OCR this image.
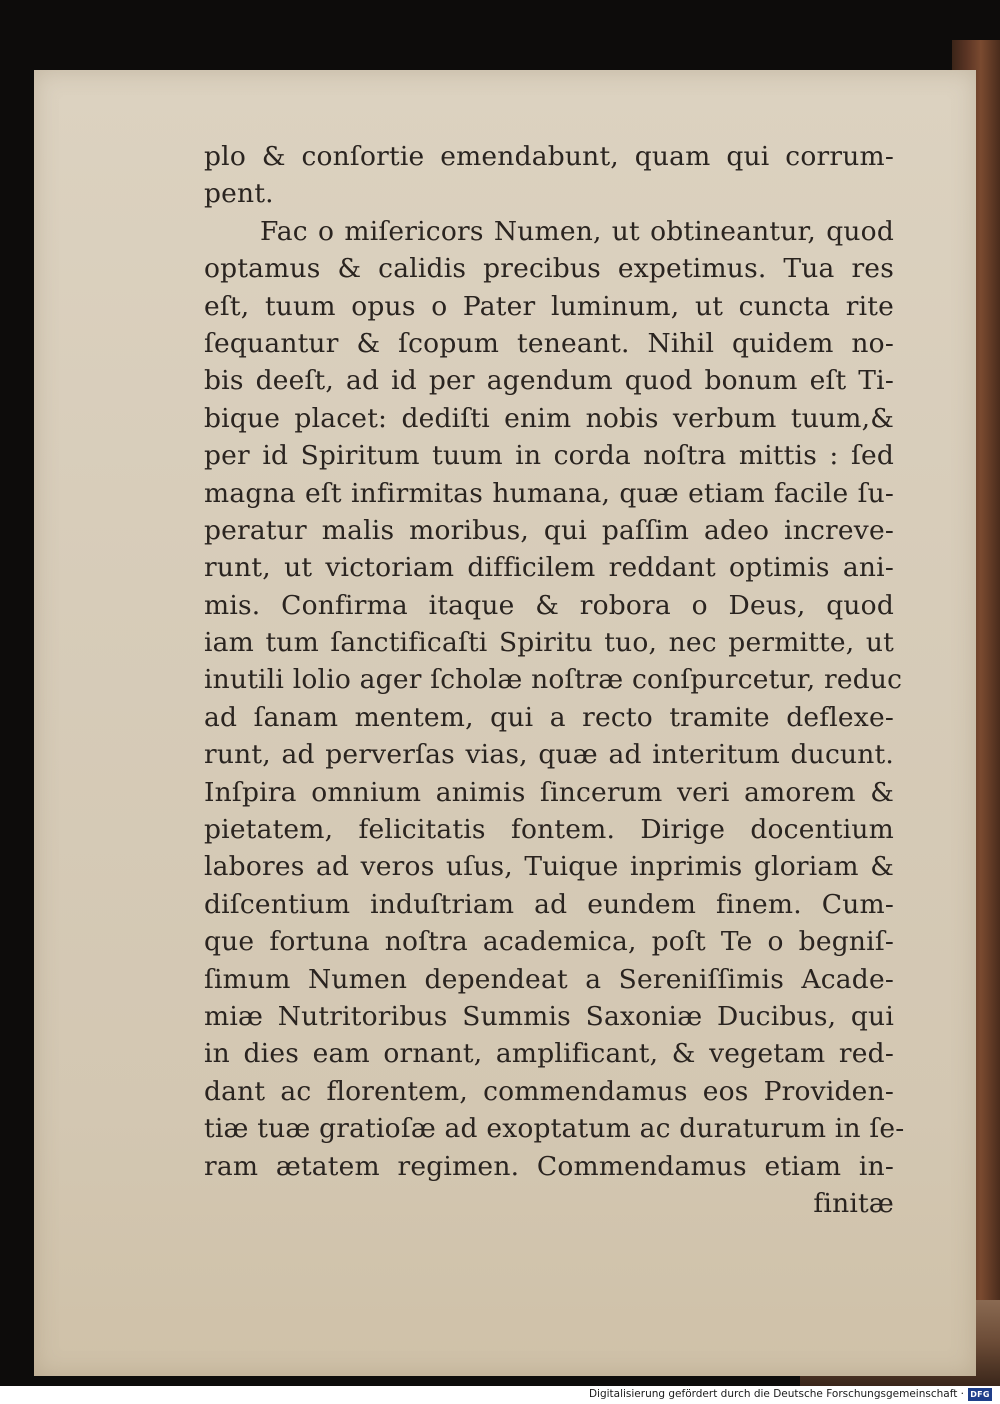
plo & conſortie emendabunt, quam qui corrum-
pent.
Fac o miſericors Numen, ut obtineantur, quod
optamus & calidis precibus expetimus. Tua res
eſt, tuum opus o Pater luminum, ut cuncta rite
ſequantur & ſcopum teneant. Nihil quidem no-
bis deeſt, ad id per agendum quod bonum eſt Ti-
bique placet: dediſti enim nobis verbum tuum,&
per id Spiritum tuum in corda noſtra mittis : ſed
magna eſt infirmitas humana, quæ etiam facile ſu-
peratur malis moribus, qui paſſim adeo increve-
runt, ut victoriam difficilem reddant optimis ani-
mis. Confirma itaque & robora o Deus, quod
iam tum ſanctificaſti Spiritu tuo, nec permitte, ut
inutili lolio ager ſcholæ noſtræ conſpurcetur, reduc
ad ſanam mentem, qui a recto tramite deflexe-
runt, ad perverſas vias, quæ ad interitum ducunt.
Inſpira omnium animis ſincerum veri amorem &
pietatem, felicitatis fontem. Dirige docentium
labores ad veros uſus, Tuique inprimis gloriam &
diſcentium induſtriam ad eundem finem. Cum-
que fortuna noſtra academica, poſt Te o begniſ-
ſimum Numen dependeat a Sereniſſimis Acade-
miæ Nutritoribus Summis Saxoniæ Ducibus, qui
in dies eam ornant, amplificant, & vegetam red-
dant ac florentem, commendamus eos Providen-
tiæ tuæ gratioſæ ad exoptatum ac duraturum in ſe-
ram ætatem regimen. Commendamus etiam in-
finitæ
Digitalisierung gefördert durch die Deutsche Forschungsgemeinschaft · DFG
